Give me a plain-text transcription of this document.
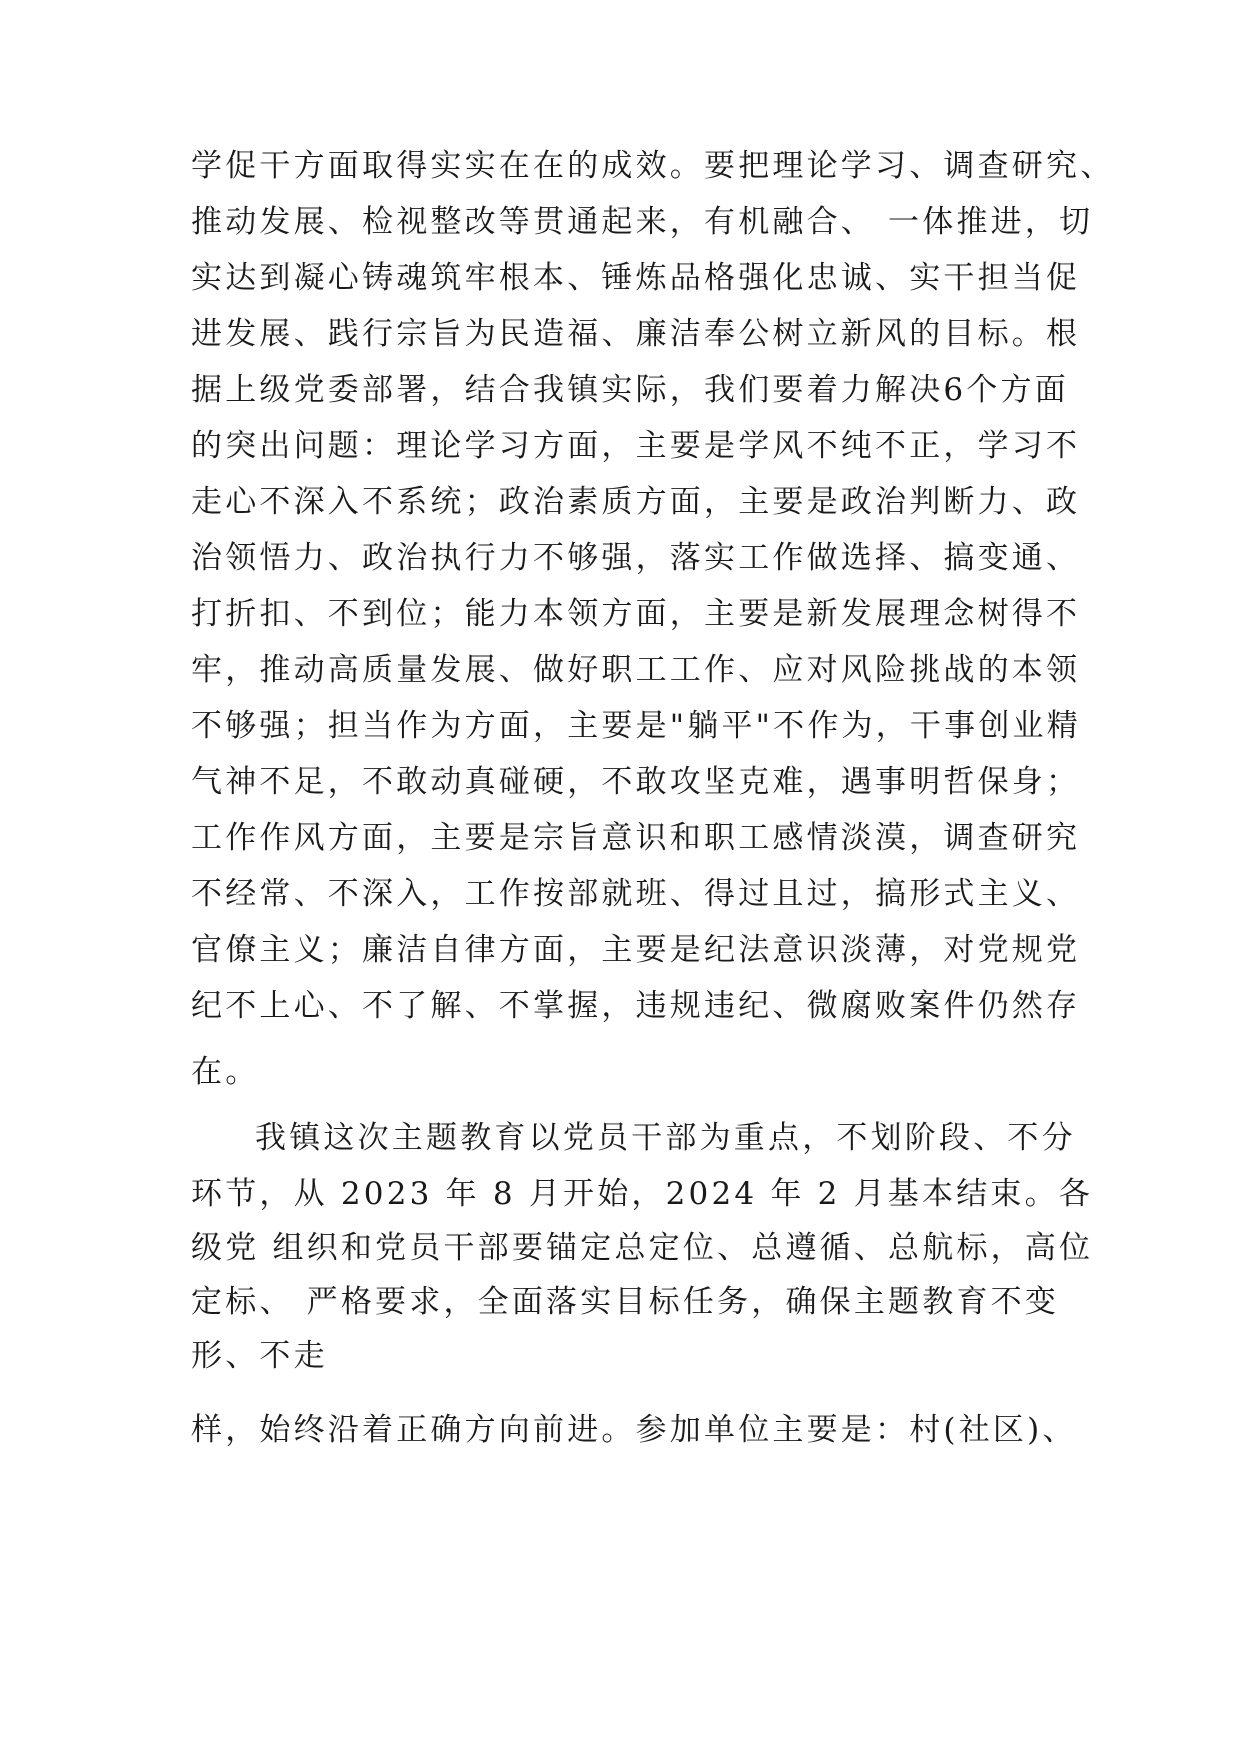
学促干方面取得实实在在的成效。要把理论学习、调查研究、

推动发展、检视整改等贯通起来，有机融合、 一体推进，切

实达到凝心铸魂筑牢根本、锤炼品格强化忠诚、实干担当促

进发展、践行宗旨为民造福、廉洁奉公树立新风的目标。根

据上级党委部署，结合我镇实际，我们要着力解决6个方面

的突出问题：理论学习方面，主要是学风不纯不正，学习不

走心不深入不系统；政治素质方面，主要是政治判断力、政

治领悟力、政治执行力不够强，落实工作做选择、搞变通、

打折扣、不到位；能力本领方面，主要是新发展理念树得不

牢，推动高质量发展、做好职工工作、应对风险挑战的本领

不够强；担当作为方面，主要是"躺平"不作为，干事创业精

气神不足，不敢动真碰硬，不敢攻坚克难，遇事明哲保身；

工作作风方面，主要是宗旨意识和职工感情淡漠，调查研究

不经常、不深入，工作按部就班、得过且过，搞形式主义、

官僚主义；廉洁自律方面，主要是纪法意识淡薄，对党规党

纪不上心、不了解、不掌握，违规违纪、微腐败案件仍然存

在。

我镇这次主题教育以党员干部为重点，不划阶段、不分

环节，从 2023 年 8 月开始，2024 年 2 月基本结束。各

级党 组织和党员干部要锚定总定位、总遵循、总航标，高位

定标、 严格要求，全面落实目标任务，确保主题教育不变

形、不走

样，始终沿着正确方向前进。参加单位主要是：村(社区)、
